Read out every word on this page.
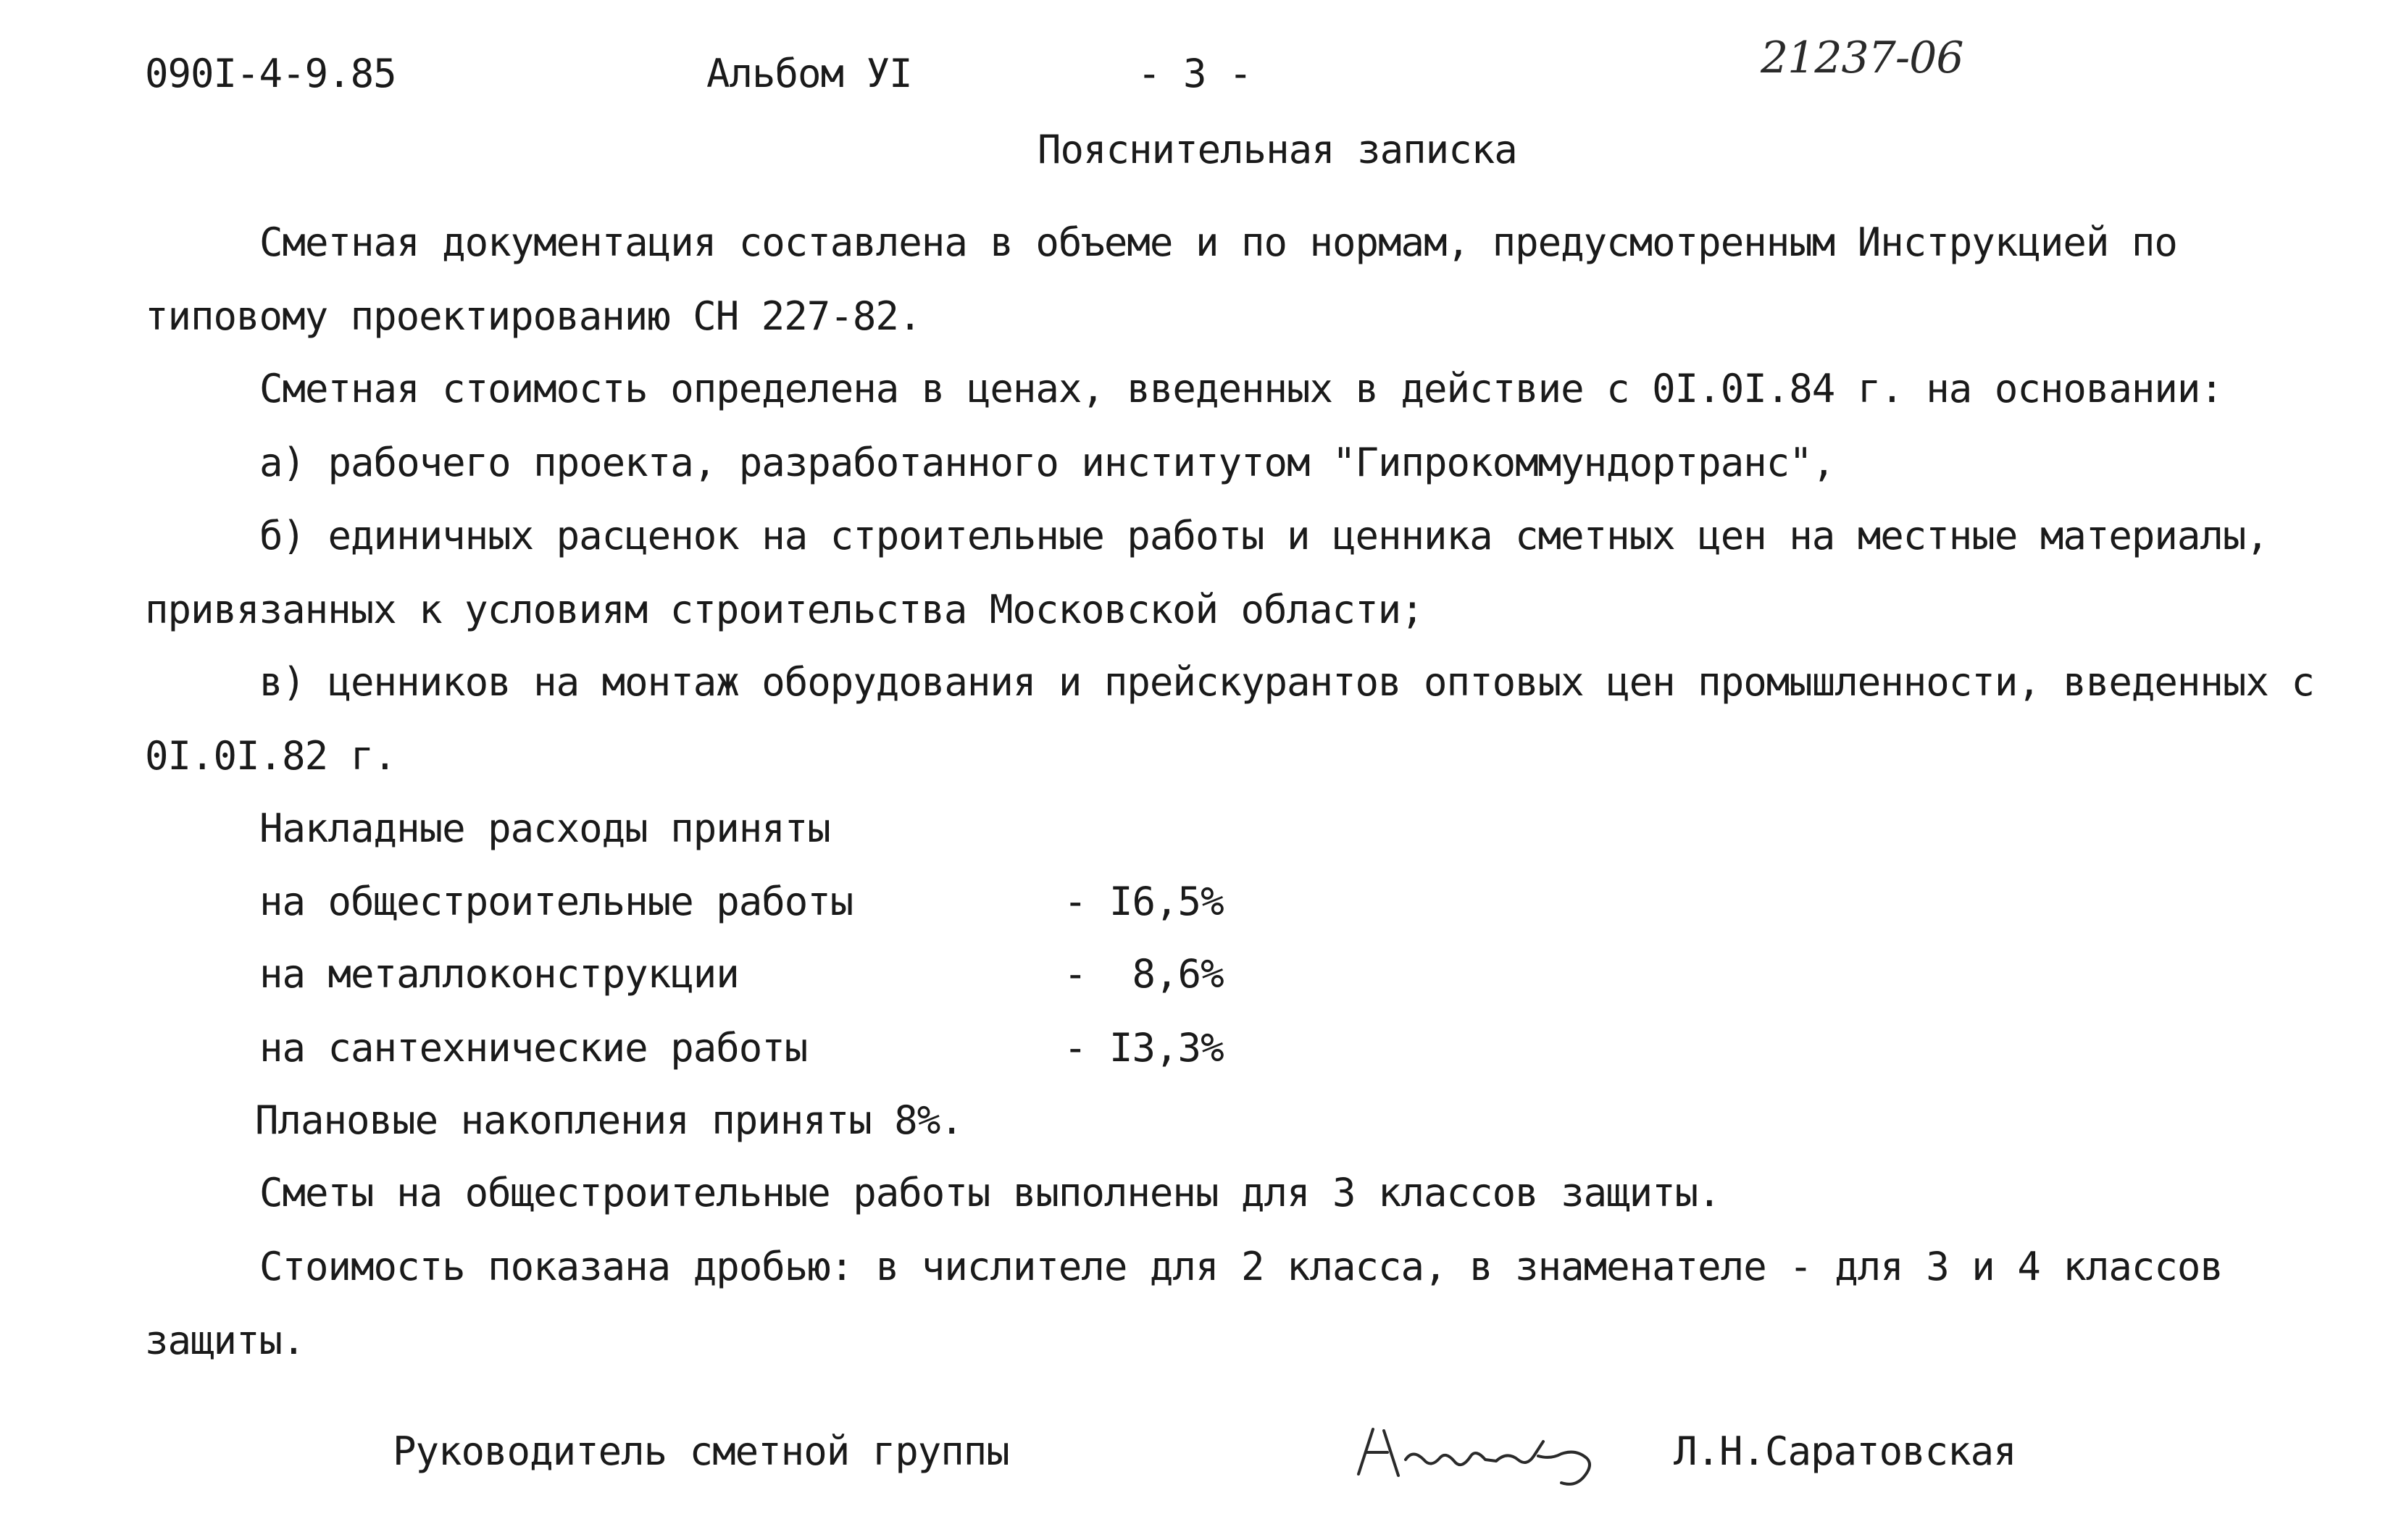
090I-4-9.85	Альбом УI	- 3 -	21237-06
Пояснительная записка
Сметная документация составлена в объеме и по нормам, предусмотренным Инструкцией по
типовому проектированию СН 227-82.
Сметная стоимость определена в ценах, введенных в действие с 0I.0I.84 г. на основании:
а) рабочего проекта, разработанного институтом "Гипрокоммундортранс",
б) единичных расценок на строительные работы и ценника сметных цен на местные материалы,
привязанных к условиям строительства Московской области;
в) ценников на монтаж оборудования и прейскурантов оптовых цен промышленности, введенных с
0I.0I.82 г.
Накладные расходы приняты
на общестроительные работы	- I6,5%
на металлоконструкции	-  8,6%
на сантехнические работы	- I3,3%
Плановые накопления приняты 8%.
Сметы на общестроительные работы выполнены для 3 классов защиты.
Стоимость показана дробью: в числителе для 2 класса, в знаменателе - для 3 и 4 классов
защиты.
Руководитель сметной группы	Л.Н.Саратовская
